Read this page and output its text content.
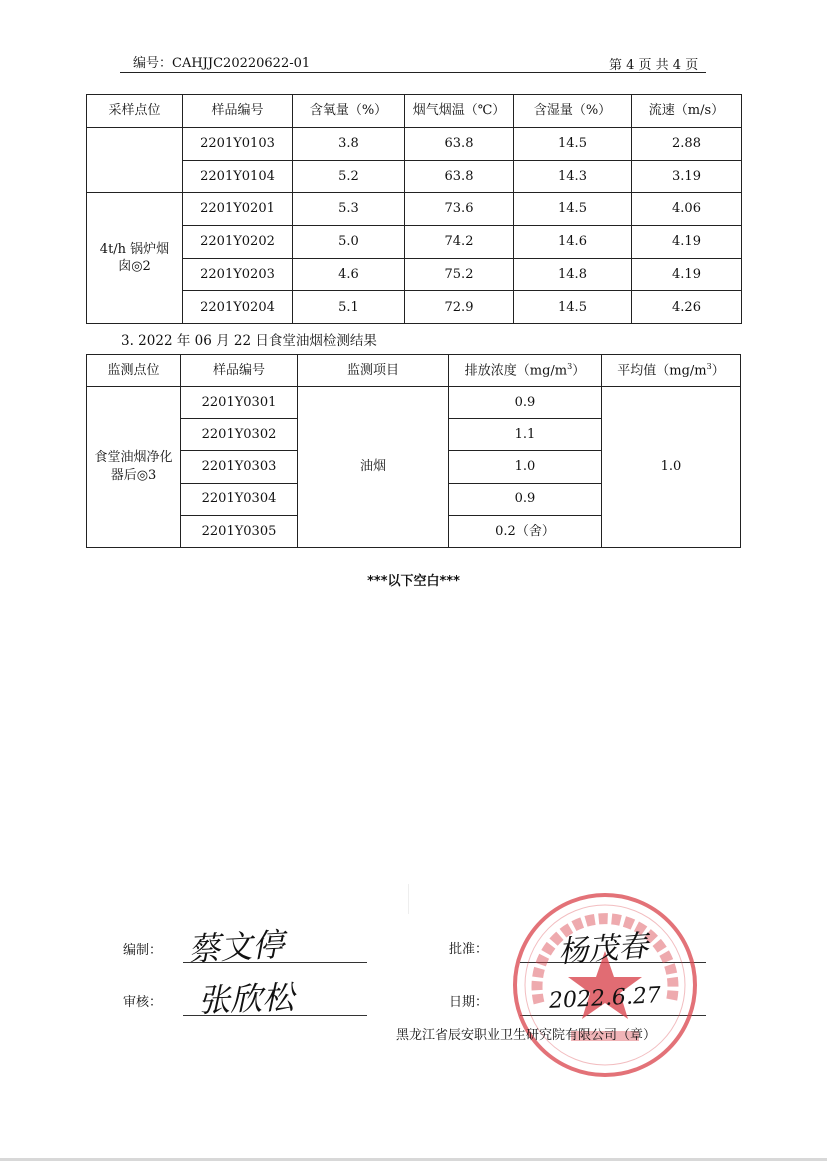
编号：CAHJJC20220622-01	第 4 页 共 4 页
采样点位	样品编号	含氧量（%）	烟气烟温（℃）	含湿量（%）	流速（m/s）
	2201Y0103	3.8	63.8	14.5	2.88
	2201Y0104	5.2	63.8	14.3	3.19
4t/h 锅炉烟囱◎2	2201Y0201	5.3	73.6	14.5	4.06
	2201Y0202	5.0	74.2	14.6	4.19
	2201Y0203	4.6	75.2	14.8	4.19
	2201Y0204	5.1	72.9	14.5	4.26
3. 2022 年 06 月 22 日食堂油烟检测结果
监测点位	样品编号	监测项目	排放浓度$(mg/m^3)$	平均值$(mg/m^3)$
食堂油烟净化器后◎3	2201Y0301	油烟	0.9	1.0
	2201Y0302		1.1	
	2201Y0303		1.0	
	2201Y0304		0.9	
	2201Y0305		0.2（舍）	
***以下空白***
编制： 蔡文停
审核： 张欣松
批准：
日期：
杨茂春
2022.6.27
黑龙江省辰安职业卫生研究院有限公司（章）
